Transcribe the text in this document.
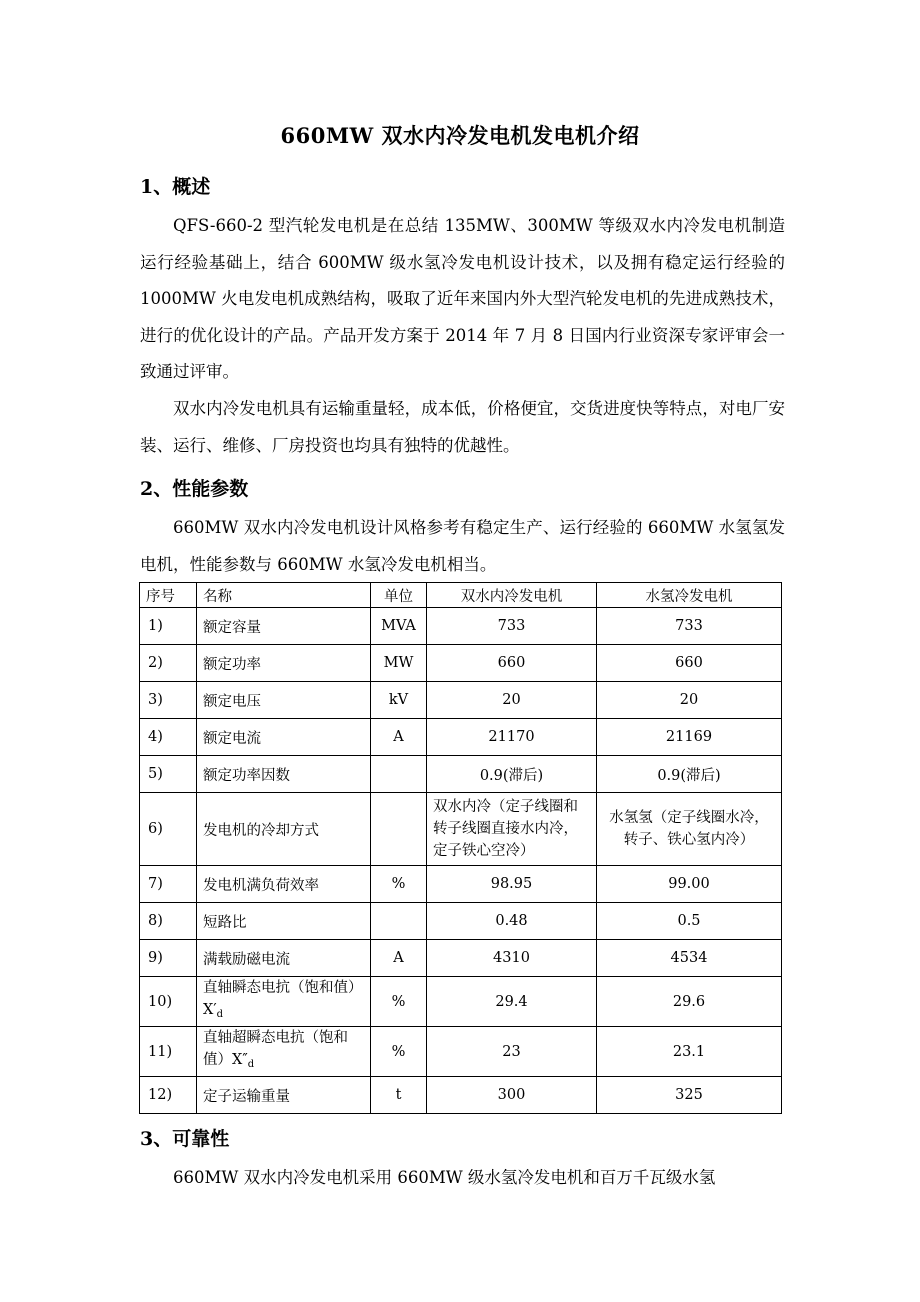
660MW 双水内冷发电机发电机介绍
1、概述

QFS-660-2 型汽轮发电机是在总结 135MW、300MW 等级双水内冷发电机制造运行经验基础上，结合 600MW 级水氢冷发电机设计技术，以及拥有稳定运行经验的 1000MW 火电发电机成熟结构，吸取了近年来国内外大型汽轮发电机的先进成熟技术，进行的优化设计的产品。产品开发方案于 2014 年 7 月 8 日国内行业资深专家评审会一致通过评审。

双水内冷发电机具有运输重量轻，成本低，价格便宜，交货进度快等特点，对电厂安装、运行、维修、厂房投资也均具有独特的优越性。

2、性能参数

660MW 双水内冷发电机设计风格参考有稳定生产、运行经验的 660MW 水氢氢发电机，性能参数与 660MW 水氢冷发电机相当。

序号	名称	单位	双水内冷发电机	水氢冷发电机
1)	额定容量	MVA	733	733
2)	额定功率	MW	660	660
3)	额定电压	kV	20	20
4)	额定电流	A	21170	21169
5)	额定功率因数		0.9(滞后)	0.9(滞后)
6)	发电机的冷却方式		双水内冷（定子线圈和转子线圈直接水内冷，定子铁心空冷）	水氢氢（定子线圈水冷，转子、铁心氢内冷）
7)	发电机满负荷效率	%	98.95	99.00
8)	短路比		0.48	0.5
9)	满载励磁电流	A	4310	4534
10)	直轴瞬态电抗（饱和值）$X'_d$	%	29.4	29.6
11)	直轴超瞬态电抗（饱和值）$X''_d$	%	23	23.1
12)	定子运输重量	t	300	325
3、可靠性

660MW 双水内冷发电机采用 660MW 级水氢冷发电机和百万千瓦级水氢
